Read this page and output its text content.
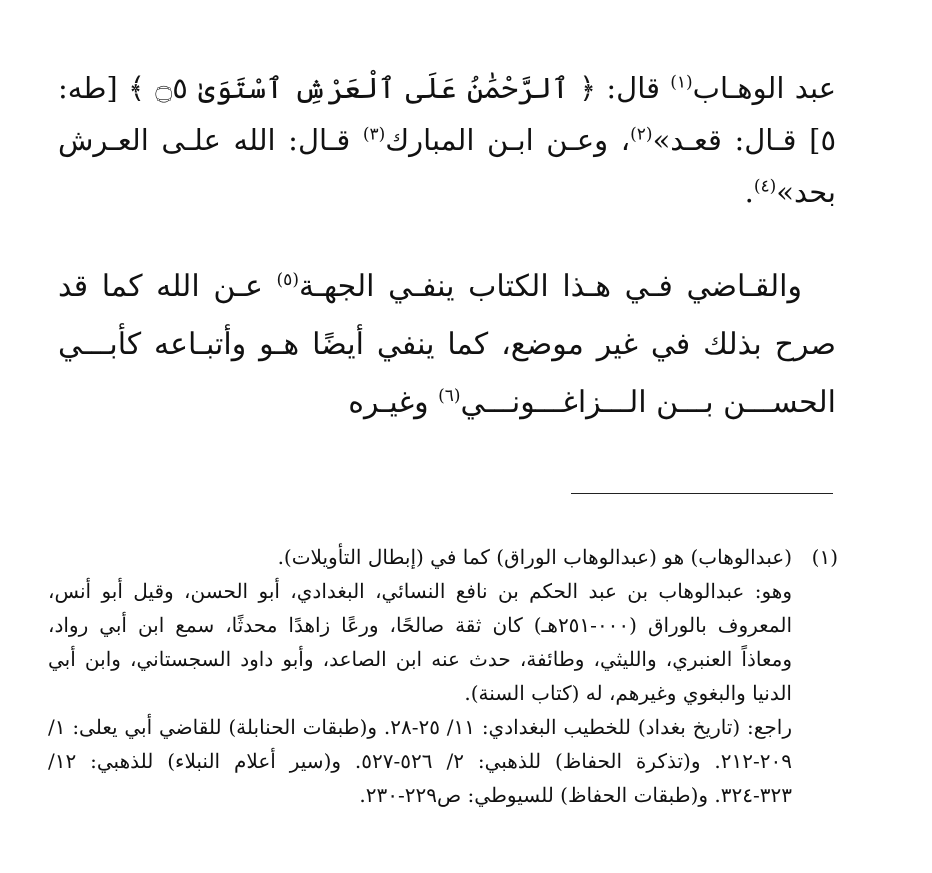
عبد الوهـاب$^{(١)}$ قال: ﴿ ٱلرَّحْمَٰنُ عَلَى ٱلْعَرْشِ ٱسْتَوَىٰ ۝٥ ﴾ [طه: ٥] قـال: قعـد»$^{(٢)}$، وعـن ابـن المبارك$^{(٣)}$ قـال: الله علـى العـرش بحد»$^{(٤)}$.
والقـاضي فـي هـذا الكتاب ينفـي الجهـة$^{(٥)}$ عـن الله كما قد صرح بذلك في غير موضع، كما ينفي أيضًا هـو وأتبـاعه كأبـــي الحســـن بـــن الـــزاغـــونـــي$^{(٦)}$ وغيـره
(١)(عبدالوهاب) هو (عبدالوهاب الوراق) كما في (إبطال التأويلات).
وهو: عبدالوهاب بن عبد الحكم بن نافع النسائي، البغدادي، أبو الحسن، وقيل أبو أنس، المعروف بالوراق (٠٠٠-٢٥١هـ) كان ثقة صالحًا، ورعًا زاهدًا محدثًا، سمع ابن أبي رواد، ومعاذاً العنبري، والليثي، وطائفة، حدث عنه ابن الصاعد، وأبو داود السجستاني، وابن أبي الدنيا والبغوي وغيرهم، له (كتاب السنة).
راجع: (تاريخ بغداد) للخطيب البغدادي: ١١/ ٢٥-٢٨. و(طبقات الحنابلة) للقاضي أبي يعلى: ١/ ٢٠٩-٢١٢. و(تذكرة الحفاظ) للذهبي: ٢/ ٥٢٦-٥٢٧. و(سير أعلام النبلاء) للذهبي: ١٢/ ٣٢٣-٣٢٤. و(طبقات الحفاظ) للسيوطي: ص٢٢٩-٢٣٠.
